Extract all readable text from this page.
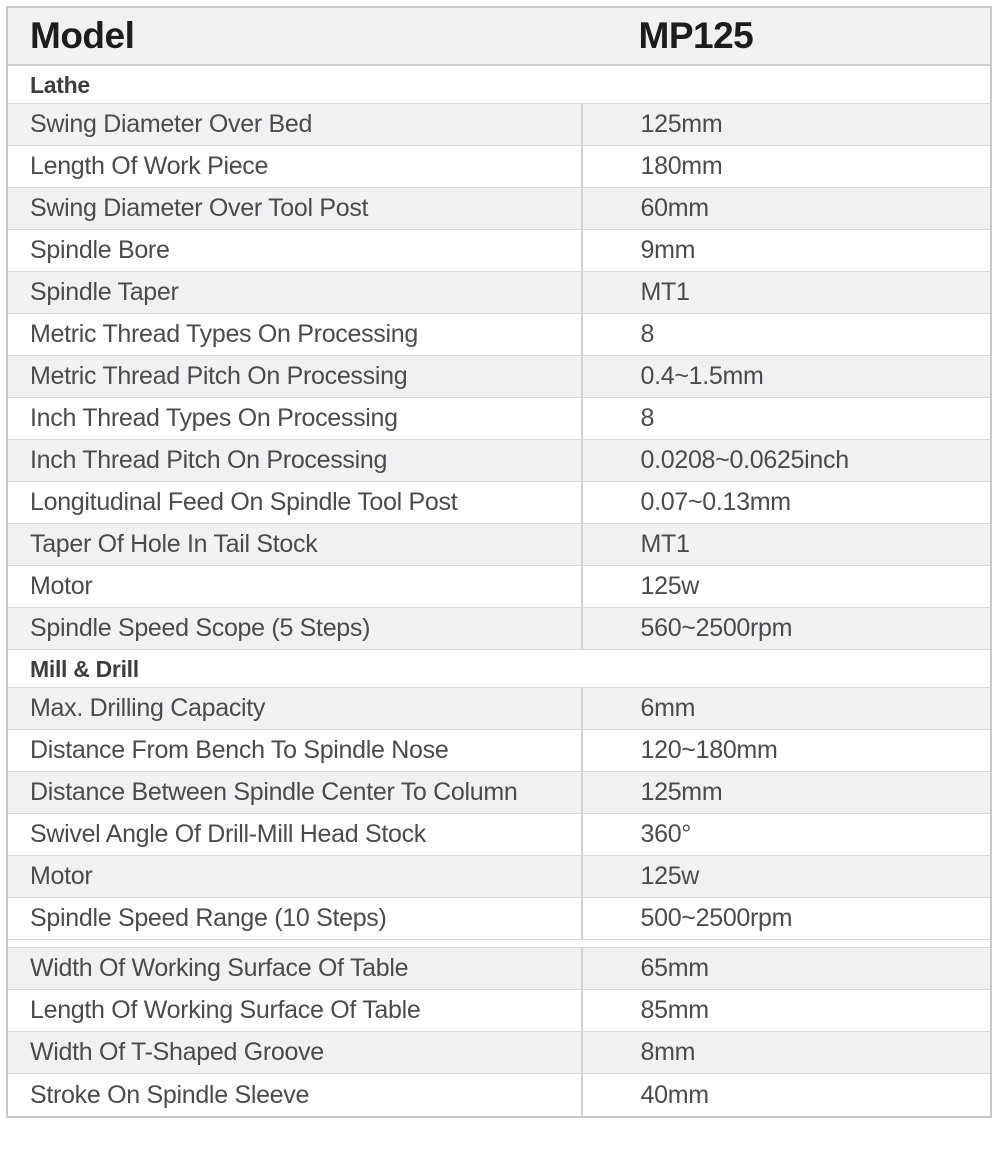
Model	MP125
Lathe
Swing Diameter Over Bed	125mm
Length Of Work Piece	180mm
Swing Diameter Over Tool Post	60mm
Spindle Bore	9mm
Spindle Taper	MT1
Metric Thread Types On Processing	8
Metric Thread Pitch On Processing	0.4~1.5mm
Inch Thread Types On Processing	8
Inch Thread Pitch On Processing	0.0208~0.0625inch
Longitudinal Feed On Spindle Tool Post	0.07~0.13mm
Taper Of Hole In Tail Stock	MT1
Motor	125w
Spindle Speed Scope (5 Steps)	560~2500rpm
Mill & Drill
Max. Drilling Capacity	6mm
Distance From Bench To Spindle Nose	120~180mm
Distance Between Spindle Center To Column	125mm
Swivel Angle Of Drill-Mill Head Stock	360°
Motor	125w
Spindle Speed Range (10 Steps)	500~2500rpm
Width Of Working Surface Of Table	65mm
Length Of Working Surface Of Table	85mm
Width Of T-Shaped Groove	8mm
Stroke On Spindle Sleeve	40mm
